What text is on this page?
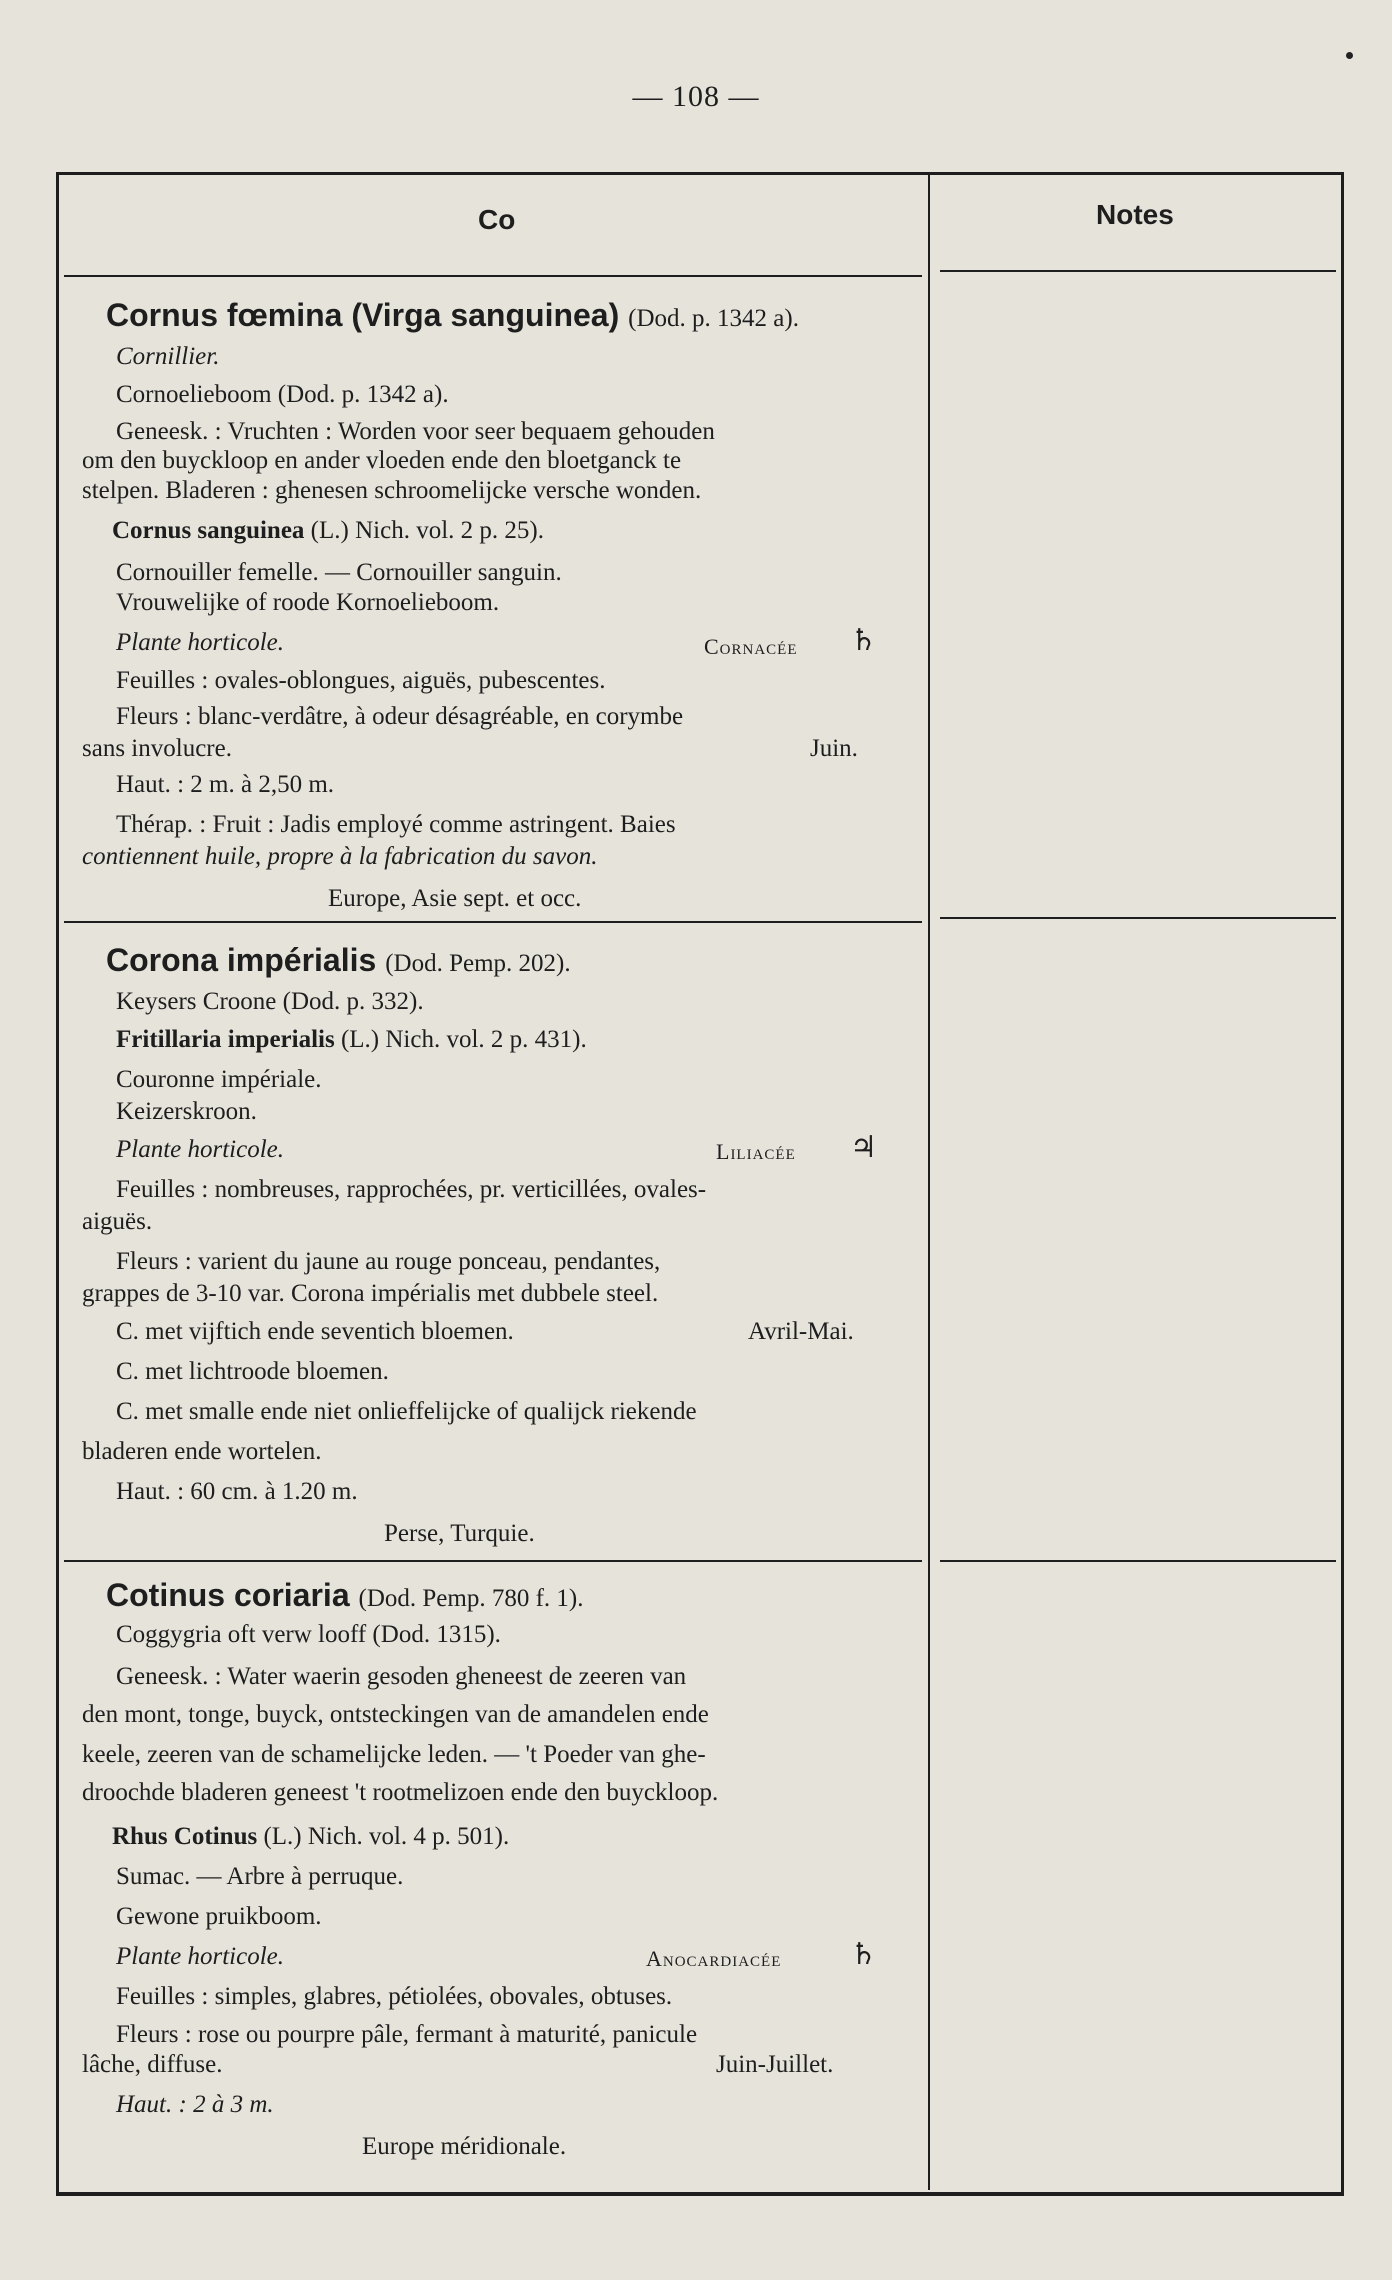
— 108 —
Co	Notes
Cornus fœmina (Virga sanguinea) (Dod. p. 1342 a).
Cornillier.
Cornoelieboom (Dod. p. 1342 a).
Geneesk. : Vruchten : Worden voor seer bequaem gehouden
om den buyckloop en ander vloeden ende den bloetganck te
stelpen. Bladeren : ghenesen schroomelijcke versche wonden.
Cornus sanguinea (L.) Nich. vol. 2 p. 25).
Cornouiller femelle. — Cornouiller sanguin.
Vrouwelijke of roode Kornoelieboom.
Plante horticole.	Cornacée ♄
Feuilles : ovales-oblongues, aiguës, pubescentes.
Fleurs : blanc-verdâtre, à odeur désagréable, en corymbe
sans involucre.	Juin.
Haut. : 2 m. à 2,50 m.
Thérap. : Fruit : Jadis employé comme astringent. Baies
contiennent huile, propre à la fabrication du savon.
Europe, Asie sept. et occ.
Corona impérialis (Dod. Pemp. 202).
Keysers Croone (Dod. p. 332).
Fritillaria imperialis (L.) Nich. vol. 2 p. 431).
Couronne impériale.
Keizerskroon.
Plante horticole.	Liliacée ♃
Feuilles : nombreuses, rapprochées, pr. verticillées, ovales-
aiguës.
Fleurs : varient du jaune au rouge ponceau, pendantes,
grappes de 3-10 var. Corona impérialis met dubbele steel.
C. met vijftich ende seventich bloemen.	Avril-Mai.
C. met lichtroode bloemen.
C. met smalle ende niet onlieffelijcke of qualijck riekende
bladeren ende wortelen.
Haut. : 60 cm. à 1.20 m.
Perse, Turquie.
Cotinus coriaria (Dod. Pemp. 780 f. 1).
Coggygria oft verw looff (Dod. 1315).
Geneesk. : Water waerin gesoden gheneest de zeeren van
den mont, tonge, buyck, ontsteckingen van de amandelen ende
keele, zeeren van de schamelijcke leden. — 't Poeder van ghe-
droochde bladeren geneest 't rootmelizoen ende den buyckloop.
Rhus Cotinus (L.) Nich. vol. 4 p. 501).
Sumac. — Arbre à perruque.
Gewone pruikboom.
Plante horticole.	Anocardiacée ♄
Feuilles : simples, glabres, pétiolées, obovales, obtuses.
Fleurs : rose ou pourpre pâle, fermant à maturité, panicule
lâche, diffuse.	Juin-Juillet.
Haut. : 2 à 3 m.
Europe méridionale.
